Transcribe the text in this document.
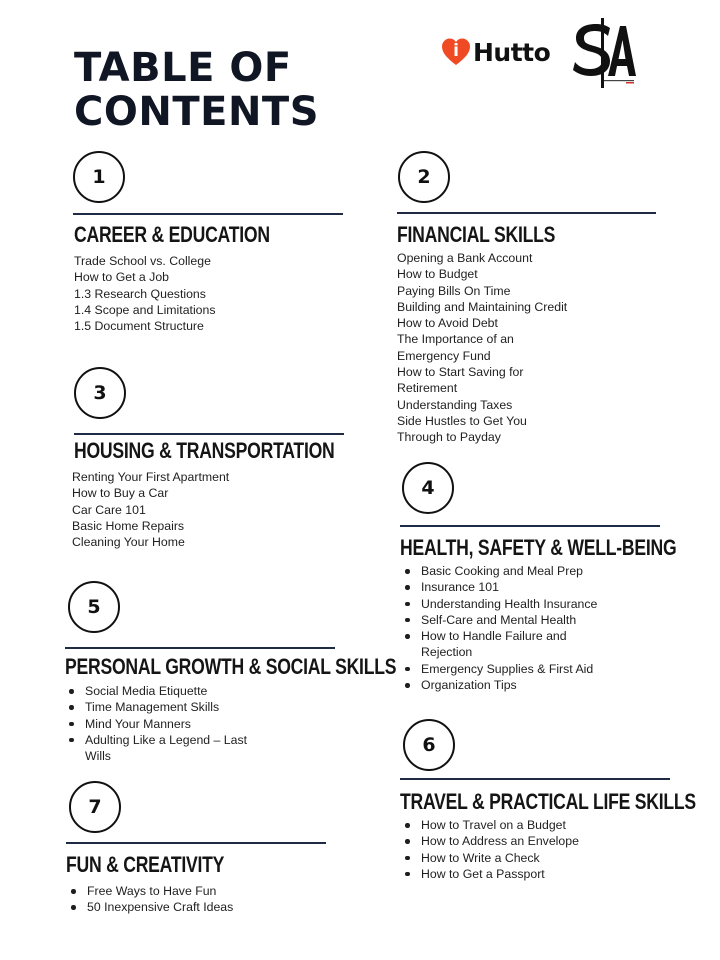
TABLE OF CONTENTS
i Hutto
1
CAREER & EDUCATION
Trade School vs. College
How to Get a Job
1.3 Research Questions
1.4 Scope and Limitations
1.5 Document Structure
2
FINANCIAL SKILLS
Opening a Bank Account
How to Budget
Paying Bills On Time
Building and Maintaining Credit
How to Avoid Debt
The Importance of an
Emergency Fund
How to Start Saving for
Retirement
Understanding Taxes
Side Hustles to Get You
Through to Payday
3
HOUSING & TRANSPORTATION
Renting Your First Apartment
How to Buy a Car
Car Care 101
Basic Home Repairs
Cleaning Your Home
4
HEALTH, SAFETY & WELL-BEING
Basic Cooking and Meal Prep
Insurance 101
Understanding Health Insurance
Self-Care and Mental Health
How to Handle Failure and Rejection
Emergency Supplies & First Aid
Organization Tips
5
PERSONAL GROWTH & SOCIAL SKILLS
Social Media Etiquette
Time Management Skills
Mind Your Manners
Adulting Like a Legend – Last Wills
6
TRAVEL & PRACTICAL LIFE SKILLS
How to Travel on a Budget
How to Address an Envelope
How to Write a Check
How to Get a Passport
7
FUN & CREATIVITY
Free Ways to Have Fun
50 Inexpensive Craft Ideas
